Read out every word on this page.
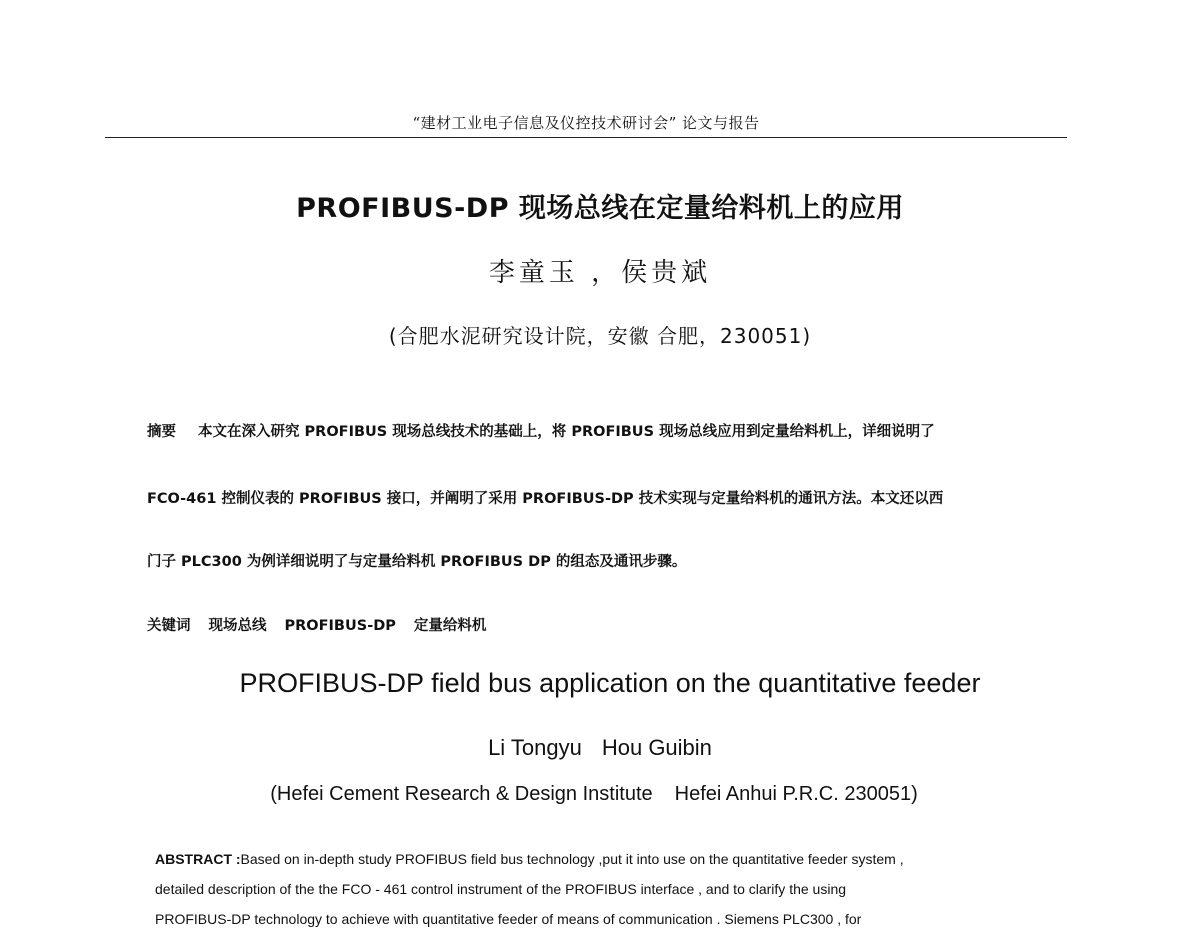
“建材工业电子信息及仪控技术研讨会” 论文与报告
PROFIBUS-DP 现场总线在定量给料机上的应用
李童玉 ，侯贵斌
(合肥水泥研究设计院，安徽 合肥，230051)
摘要 本文在深入研究 PROFIBUS 现场总线技术的基础上，将 PROFIBUS 现场总线应用到定量给料机上，详细说明了
FCO-461 控制仪表的 PROFIBUS 接口，并阐明了采用 PROFIBUS-DP 技术实现与定量给料机的通讯方法。本文还以西
门子 PLC300 为例详细说明了与定量给料机 PROFIBUS DP 的组态及通讯步骤。
关键词 现场总线 PROFIBUS-DP 定量给料机
PROFIBUS-DP field bus application on the quantitative feeder
Li Tongyu Hou Guibin
(Hefei Cement Research & Design Institute Hefei Anhui P.R.C. 230051)
ABSTRACT :Based on in-depth study PROFIBUS field bus technology ,put it into use on the quantitative feeder system ,
detailed description of the the FCO - 461 control instrument of the PROFIBUS interface , and to clarify the using
PROFIBUS-DP technology to achieve with quantitative feeder of means of communication . Siemens PLC300 , for
